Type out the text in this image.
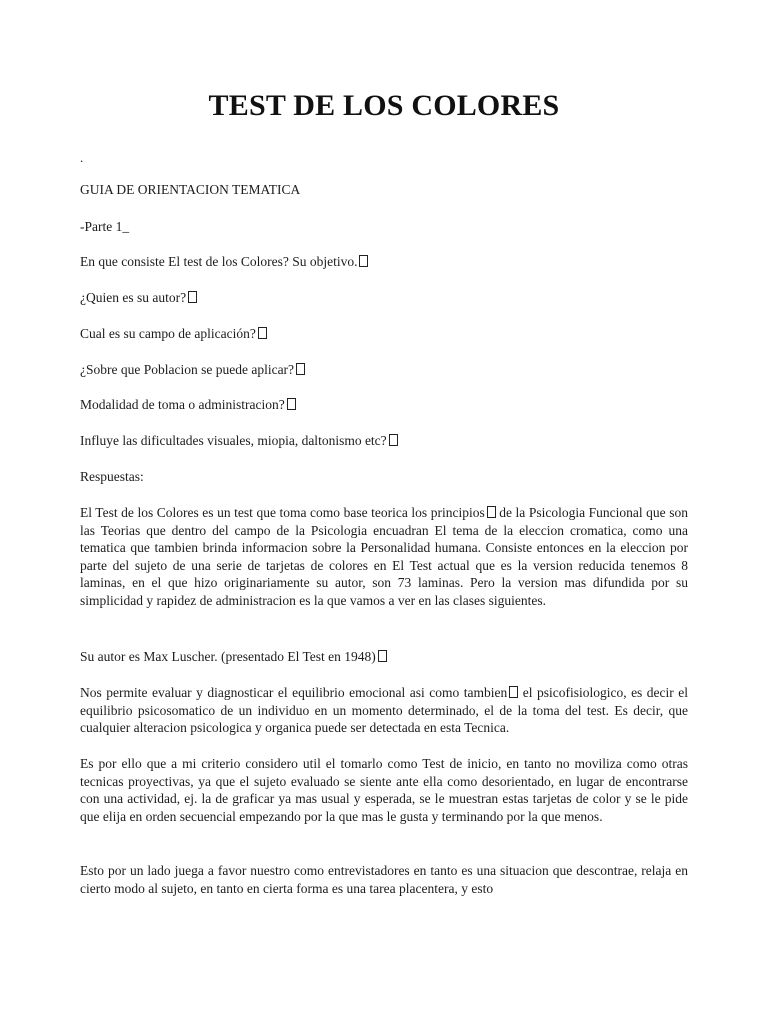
TEST DE LOS COLORES
.
GUIA DE ORIENTACION TEMATICA
-Parte 1_
En que consiste El test de los Colores? Su objetivo.
¿Quien es su autor?
Cual es su campo de aplicación?
¿Sobre que Poblacion se puede aplicar?
Modalidad de toma o administracion?
Influye las dificultades visuales, miopia, daltonismo etc?
Respuestas:

El Test de los Colores es un test que toma como base teorica los principios de la Psicologia Funcional que son las Teorias que dentro del campo de la Psicologia encuadran El tema de la eleccion cromatica, como una tematica que tambien brinda informacion sobre la Personalidad humana. Consiste entonces en la eleccion por parte del sujeto de una serie de tarjetas de colores en El Test actual que es la version reducida tenemos 8 laminas, en el que hizo originariamente su autor, son 73 laminas. Pero la version mas difundida por su simplicidad y rapidez de administracion es la que vamos a ver en las clases siguientes.

Su autor es Max Luscher. (presentado El Test en 1948)

Nos permite evaluar y diagnosticar el equilibrio emocional asi como tambien el psicofisiologico, es decir el equilibrio psicosomatico de un individuo en un momento determinado, el de la toma del test. Es decir, que cualquier alteracion psicologica y organica puede ser detectada en esta Tecnica.

Es por ello que a mi criterio considero util el tomarlo como Test de inicio, en tanto no moviliza como otras tecnicas proyectivas, ya que el sujeto evaluado se siente ante ella como desorientado, en lugar de encontrarse con una actividad, ej. la de graficar ya mas usual y esperada, se le muestran estas tarjetas de color y se le pide que elija en orden secuencial empezando por la que mas le gusta y terminando por la que menos.

Esto por un lado juega a favor nuestro como entrevistadores en tanto es una situacion que descontrae, relaja en cierto modo al sujeto, en tanto en cierta forma es una tarea placentera, y esto
